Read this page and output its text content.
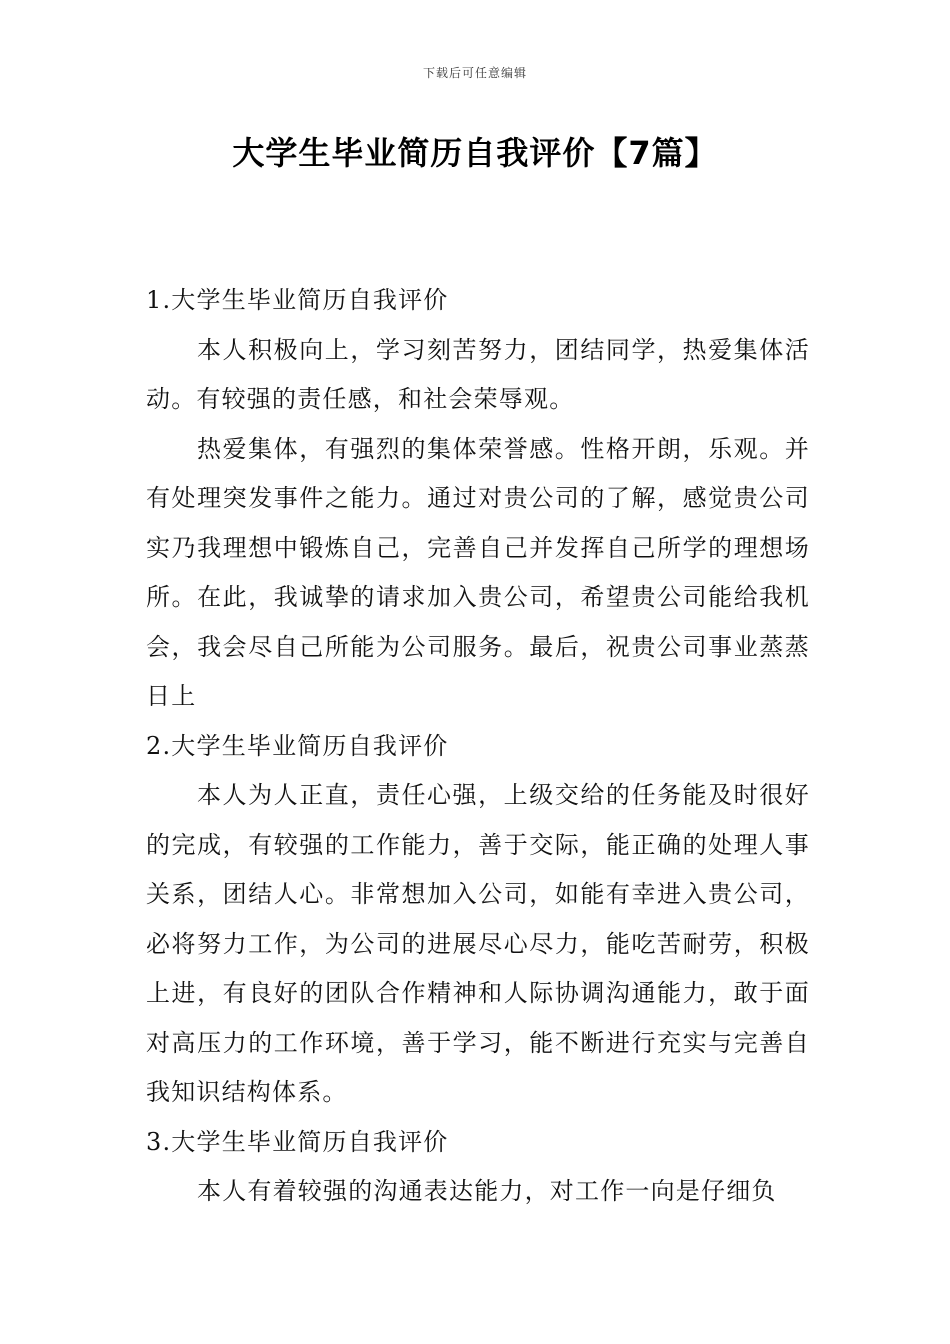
下载后可任意编辑
大学生毕业简历自我评价【7篇】
1.大学生毕业简历自我评价

本人积极向上，学习刻苦努力，团结同学，热爱集体活动。有较强的责任感，和社会荣辱观。

热爱集体，有强烈的集体荣誉感。性格开朗，乐观。并有处理突发事件之能力。通过对贵公司的了解，感觉贵公司实乃我理想中锻炼自己，完善自己并发挥自己所学的理想场所。在此，我诚挚的请求加入贵公司，希望贵公司能给我机会，我会尽自己所能为公司服务。最后，祝贵公司事业蒸蒸日上

2.大学生毕业简历自我评价

本人为人正直，责任心强，上级交给的任务能及时很好的完成，有较强的工作能力，善于交际，能正确的处理人事关系，团结人心。非常想加入公司，如能有幸进入贵公司，必将努力工作，为公司的进展尽心尽力，能吃苦耐劳，积极上进，有良好的团队合作精神和人际协调沟通能力，敢于面对高压力的工作环境，善于学习，能不断进行充实与完善自我知识结构体系。

3.大学生毕业简历自我评价

本人有着较强的沟通表达能力，对工作一向是仔细负
